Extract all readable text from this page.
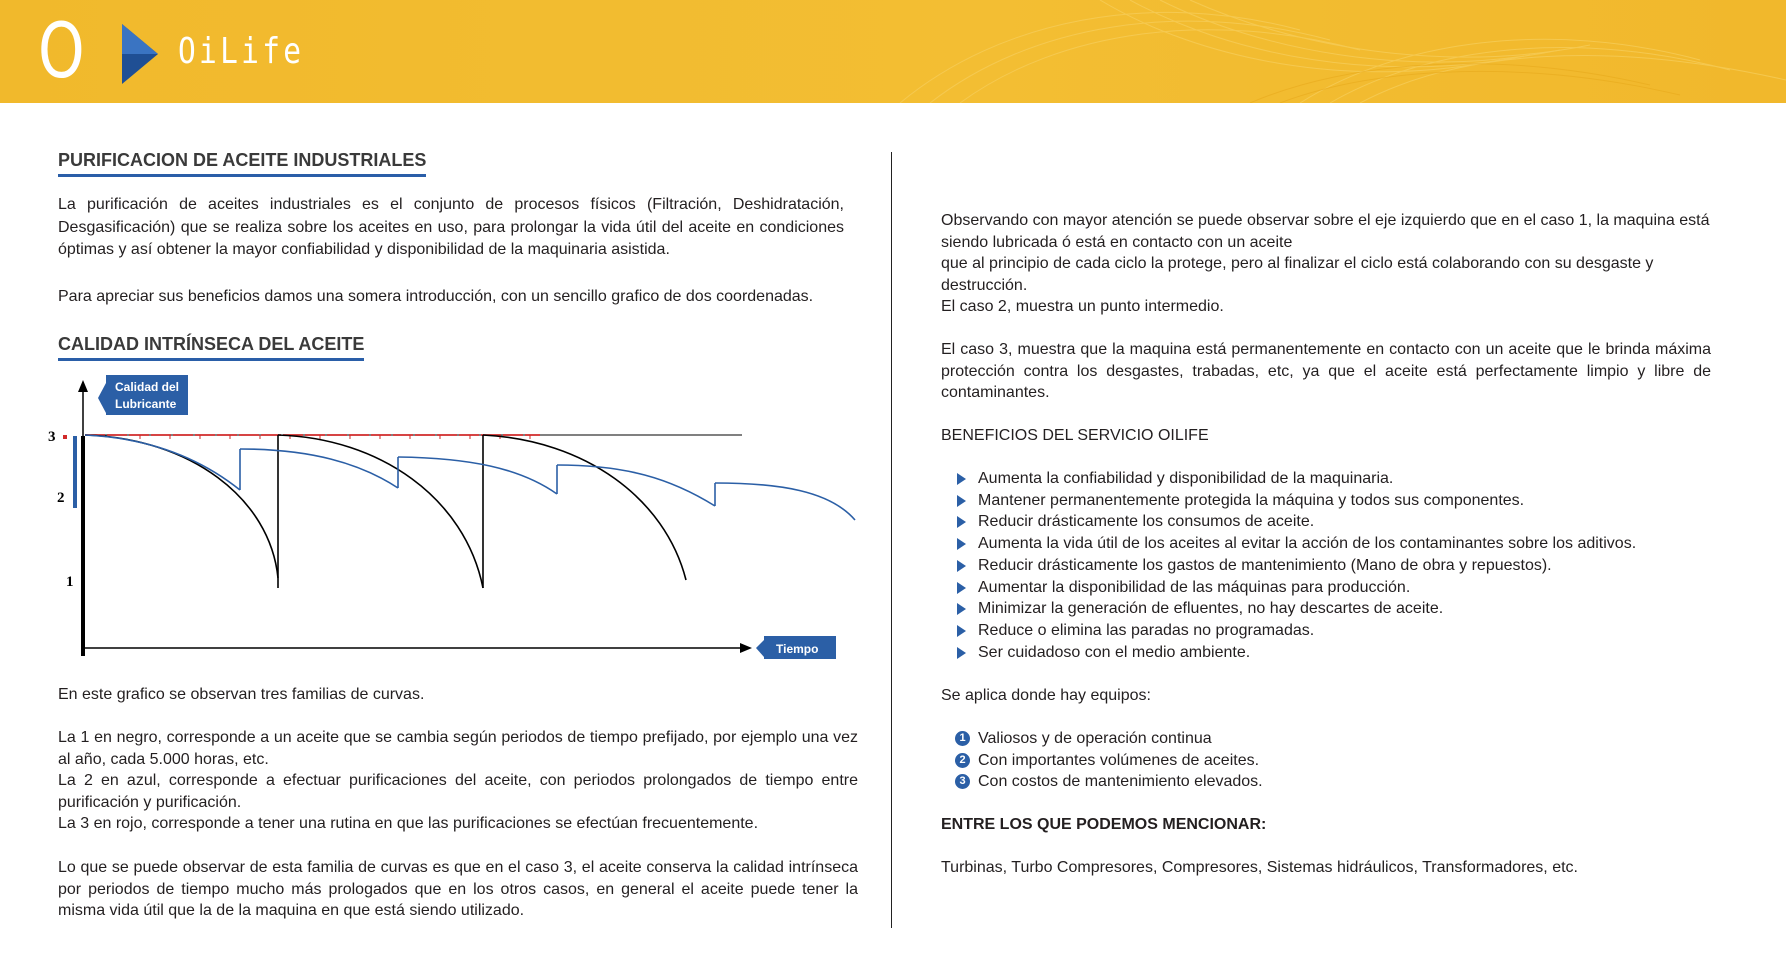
O	OiLife
PURIFICACION DE ACEITE INDUSTRIALES

La purificación de aceites industriales es el conjunto de procesos físicos (Filtración, Deshidratación, Desgasificación) que se realiza sobre los aceites en uso, para prolongar la vida útil del aceite en condiciones óptimas y así obtener la mayor confiabilidad y disponibilidad de la maquinaria asistida.

Para apreciar sus beneficios damos una somera introducción, con un sencillo grafico de dos coordenadas.

CALIDAD INTRÍNSECA DEL ACEITE
3
2
1
Calidad del
Lubricante
Tiempo

En este grafico se observan tres familias de curvas.

La 1 en negro, corresponde a un aceite que se cambia según periodos de tiempo prefijado, por ejemplo una vez al año, cada 5.000 horas, etc.

La 2 en azul, corresponde a efectuar purificaciones del aceite, con periodos prolongados de tiempo entre purificación y purificación.

La 3 en rojo, corresponde a tener una rutina en que las purificaciones se efectúan frecuentemente.

Lo que se puede observar de esta familia de curvas es que en el caso 3, el aceite conserva la calidad intrínseca por periodos de tiempo mucho más prologados que en los otros casos, en general el aceite puede tener la misma vida útil que la de la maquina en que está siendo utilizado.

Observando con mayor atención se puede observar sobre el eje izquierdo que en el caso 1, la maquina está siendo lubricada ó está en contacto con un aceite

que al principio de cada ciclo la protege, pero al finalizar el ciclo está colaborando con su desgaste y destrucción.

El caso 2, muestra un punto intermedio.

El caso 3, muestra que la maquina está permanentemente en contacto con un aceite que le brinda máxima protección contra los desgastes, trabadas, etc, ya que el aceite está perfectamente limpio y libre de contaminantes.

BENEFICIOS DEL SERVICIO OILIFE
Aumenta la confiabilidad y disponibilidad de la maquinaria.
Mantener permanentemente protegida la máquina y todos sus componentes.
Reducir drásticamente los consumos de aceite.
Aumenta la vida útil de los aceites al evitar la acción de los contaminantes sobre los aditivos.
Reducir drásticamente los gastos de mantenimiento (Mano de obra y repuestos).
Aumentar la disponibilidad de las máquinas para producción.
Minimizar la generación de efluentes, no hay descartes de aceite.
Reduce o elimina las paradas no programadas.
Ser cuidadoso con el medio ambiente.
Se aplica donde hay equipos:
1 Valiosos y de operación continua
2 Con importantes volúmenes de aceites.
3 Con costos de mantenimiento elevados.
ENTRE LOS QUE PODEMOS MENCIONAR:
Turbinas, Turbo Compresores, Compresores, Sistemas hidráulicos, Transformadores, etc.
